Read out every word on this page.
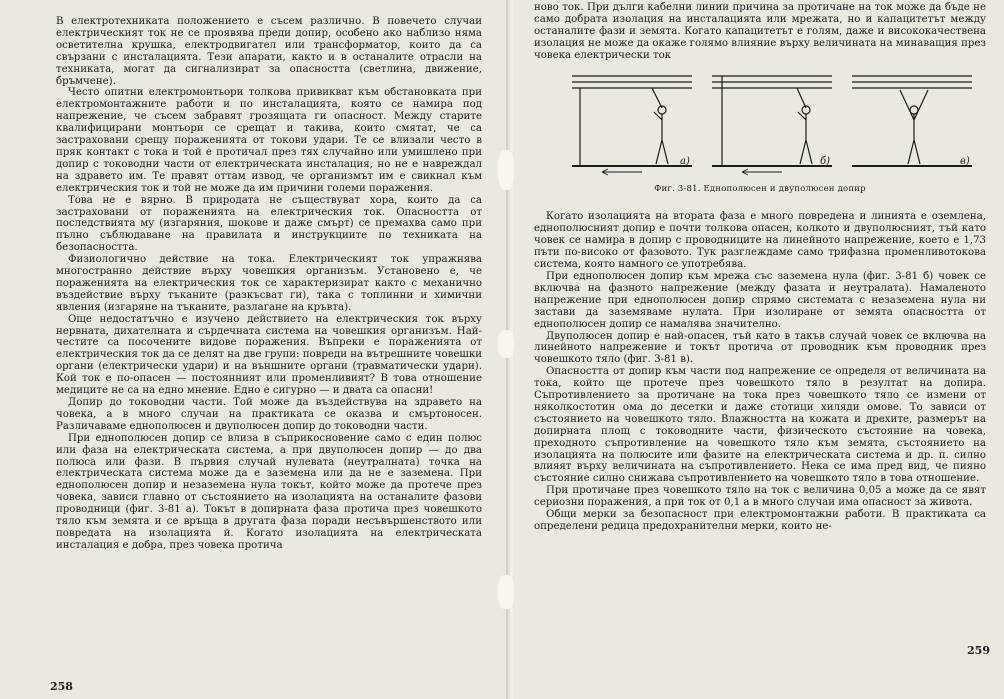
В електротехниката положението е съсем различно. В повечето случаи електрическият ток не се проявява преди допир, особено ако наблизо няма осветителна крушка, електродвигател или трансформатор, които да са свързани с инсталацията. Тези апарати, както и в останалите отрасли на техниката, могат да сигнализират за опасността (светлина, движение, бръмчене).

Често опитни електромонтьори толкова привикват към обстановката при електромонтажните работи и по инсталацията, която се намира под напрежение, че съсем забравят грозящата ги опасност. Между старите квалифицирани монтьори се срещат и такива, които смятат, че са застраховани срещу пораженията от токови удари. Те се влизали често в пряк контакт с тока и той е протичал през тях случайно или умишлено при допир с тоководни части от електрическата инсталация, но не е навреждал на здравето им. Те правят оттам извод, че организмът им е свикнал към електрическия ток и той не може да им причини големи поражения.

Това не е вярно. В природата не съществуват хора, които да са застраховани от пораженията на електрическия ток. Опасността от последствията му (изгаряния, шокове и даже смърт) се премахва само при пълно съблюдаване на правилата и инструкциите по техниката на безопасността.

Физиологично действие на тока. Електрическият ток упражнява многостранно действие върху човешкия организъм. Установено е, че пораженията на електрическия ток се характеризират както с механично въздействие върху тъканите (разкъсват ги), така с топлинни и химични явления (изгаряне на тъканите, разлагане на кръвта).

Още недостатъчно е изучено действието на електрическия ток върху нервната, дихателната и сърдечната система на човешкия организъм. Най-честите са посочените видове поражения. Въпреки е пораженията от електрическия ток да се делят на две групи: повреди на вътрешните човешки органи (електрически удари) и на външните органи (травматически удари). Кой ток е по-опасен — постоянният или променливият? В това отношение медиците не са на едно мнение. Едно е сигурно — и двата са опасни!

Допир до тоководни части. Той може да въздействува на здравето на човека, а в много случаи на практиката се оказва и смъртоносен. Различаваме еднополюсен и двуполюсен допир до тоководни части.

При еднополюсен допир се влиза в съприкосновение само с един полюс или фаза на електрическата система, а при двуполюсен допир — до два полюса или фази. В първия случай нулевата (неутралната) точка на електрическата система може да е заземена или да не е заземена. При еднополюсен допир и незаземена нула токът, който може да протече през човека, зависи главно от състоянието на изолацията на останалите фазови проводници (фиг. 3-81 а). Токът в допирната фаза протича през човешкото тяло към земята и се връща в другата фаза поради несъвършенството или повредата на изолацията й. Когато изолацията на електрическата инсталация е добра, през човека протича

258

ново ток. При дълги кабелни линии причина за протичане на ток може да бъде не само добрата изолация на инсталацията или мрежата, но и капацитетът между останалите фази и земята. Когато капацитетът е голям, даже и висококачествена изолация не може да окаже голямо влияние върху величината на минаващия през човека електрически ток

а)	б)	в)
Фиг. 3-81. Еднополюсен и двуполюсен допир

Когато изолацията на втората фаза е много повредена и линията е оземлена, еднополюсният допир е почти толкова опасен, колкото и двуполюсният, тъй като човек се намира в допир с проводниците на линейното напрежение, което е 1,73 пъти по-високо от фазовото. Тук разглеждаме само трифазна променливотокова система, която намного се употребява.

При еднополюсен допир към мрежа със заземена нула (фиг. 3-81 б) човек се включва на фазното напрежение (между фазата и неутралата). Намаленото напрежение при еднополюсен допир спрямо системата с незаземена нула ни застави да заземяваме нулата. При изолиране от земята опасността от еднополюсен допир се намалява значително.

Двуполюсен допир е най-опасен, тъй като в такъв случай човек се включва на линейното напрежение и токът протича от проводник към проводник през човешкото тяло (фиг. 3-81 в).

Опасността от допир към части под напрежение се определя от величината на тока, който ще протече през човешкото тяло в резултат на допира. Съпротивлението за протичане на тока през човешкото тяло се измени от няколкостотин ома до десетки и даже стотици хиляди омове. То зависи от състоянието на човешкото тяло. Влажността на кожата и дрехите, размерът на допирната площ с тоководните части, физическото състояние на човека, преходното съпротивление на човешкото тяло към земята, състоянието на изолацията на полюсите или фазите на електрическата система и др. п. силно влияят върху величината на съпротивлението. Нека се има пред вид, че пияно състояние силно снижава съпротивлението на човешкото тяло в това отношение.

При протичане през човешкото тяло на ток с величина 0,05 а може да се явят сериозни поражения, а при ток от 0,1 а в много случаи има опасност за живота.

Общи мерки за безопасност при електромонтажни работи. В практиката са определени редица предохранителни мерки, които не-

259
